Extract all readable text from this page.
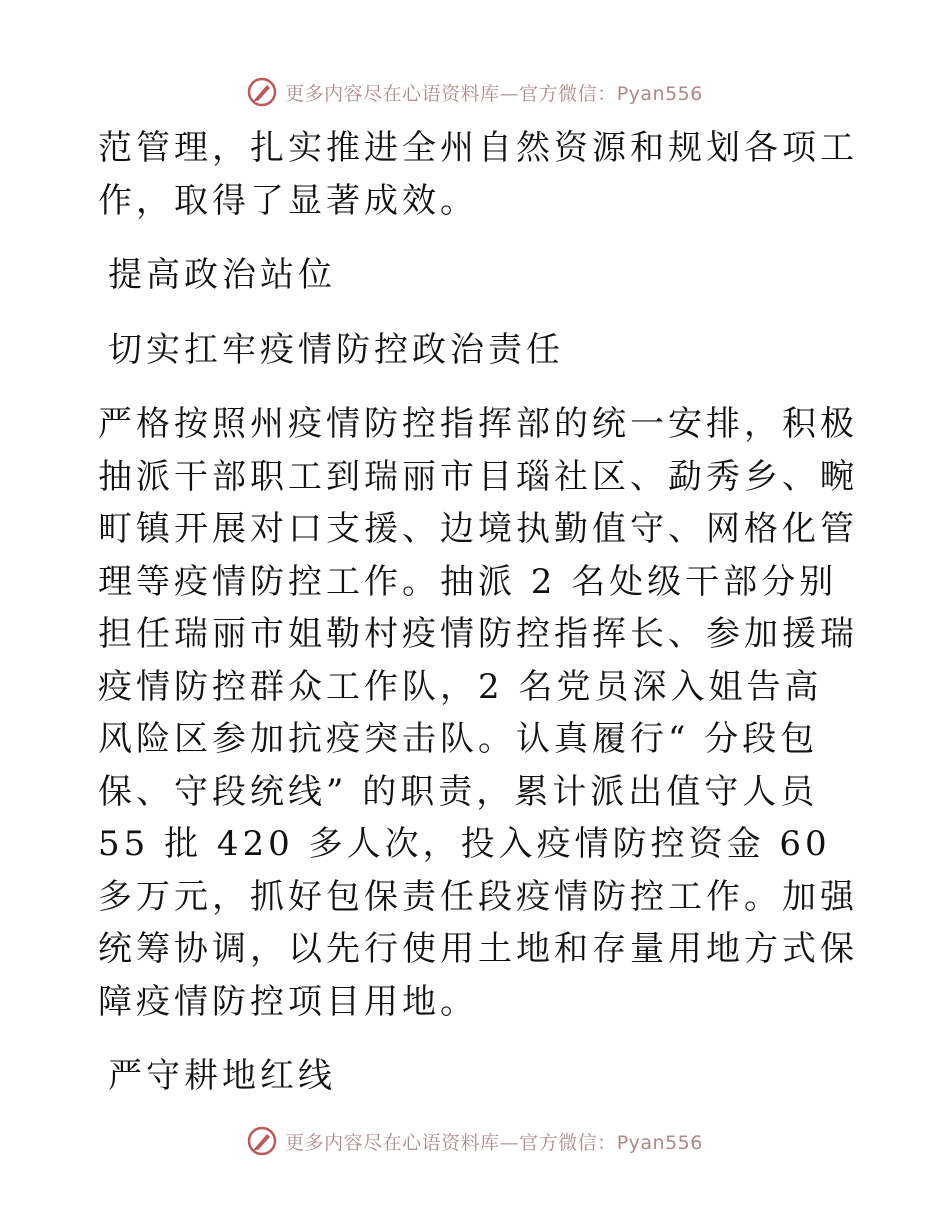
更多内容尽在心语资料库—官方微信：Pyan556

范管理，扎实推进全州自然资源和规划各项工作，取得了显著成效。

提高政治站位

切实扛牢疫情防控政治责任

严格按照州疫情防控指挥部的统一安排，积极抽派干部职工到瑞丽市目瑙社区、勐秀乡、畹町镇开展对口支援、边境执勤值守、网格化管理等疫情防控工作。抽派 2 名处级干部分别担任瑞丽市姐勒村疫情防控指挥长、参加援瑞疫情防控群众工作队，2 名党员深入姐告高风险区参加抗疫突击队。认真履行“ 分段包保、守段统线” 的职责，累计派出值守人员 55 批 420 多人次，投入疫情防控资金 60 多万元，抓好包保责任段疫情防控工作。加强统筹协调，以先行使用土地和存量用地方式保障疫情防控项目用地。

严守耕地红线

更多内容尽在心语资料库—官方微信：Pyan556
